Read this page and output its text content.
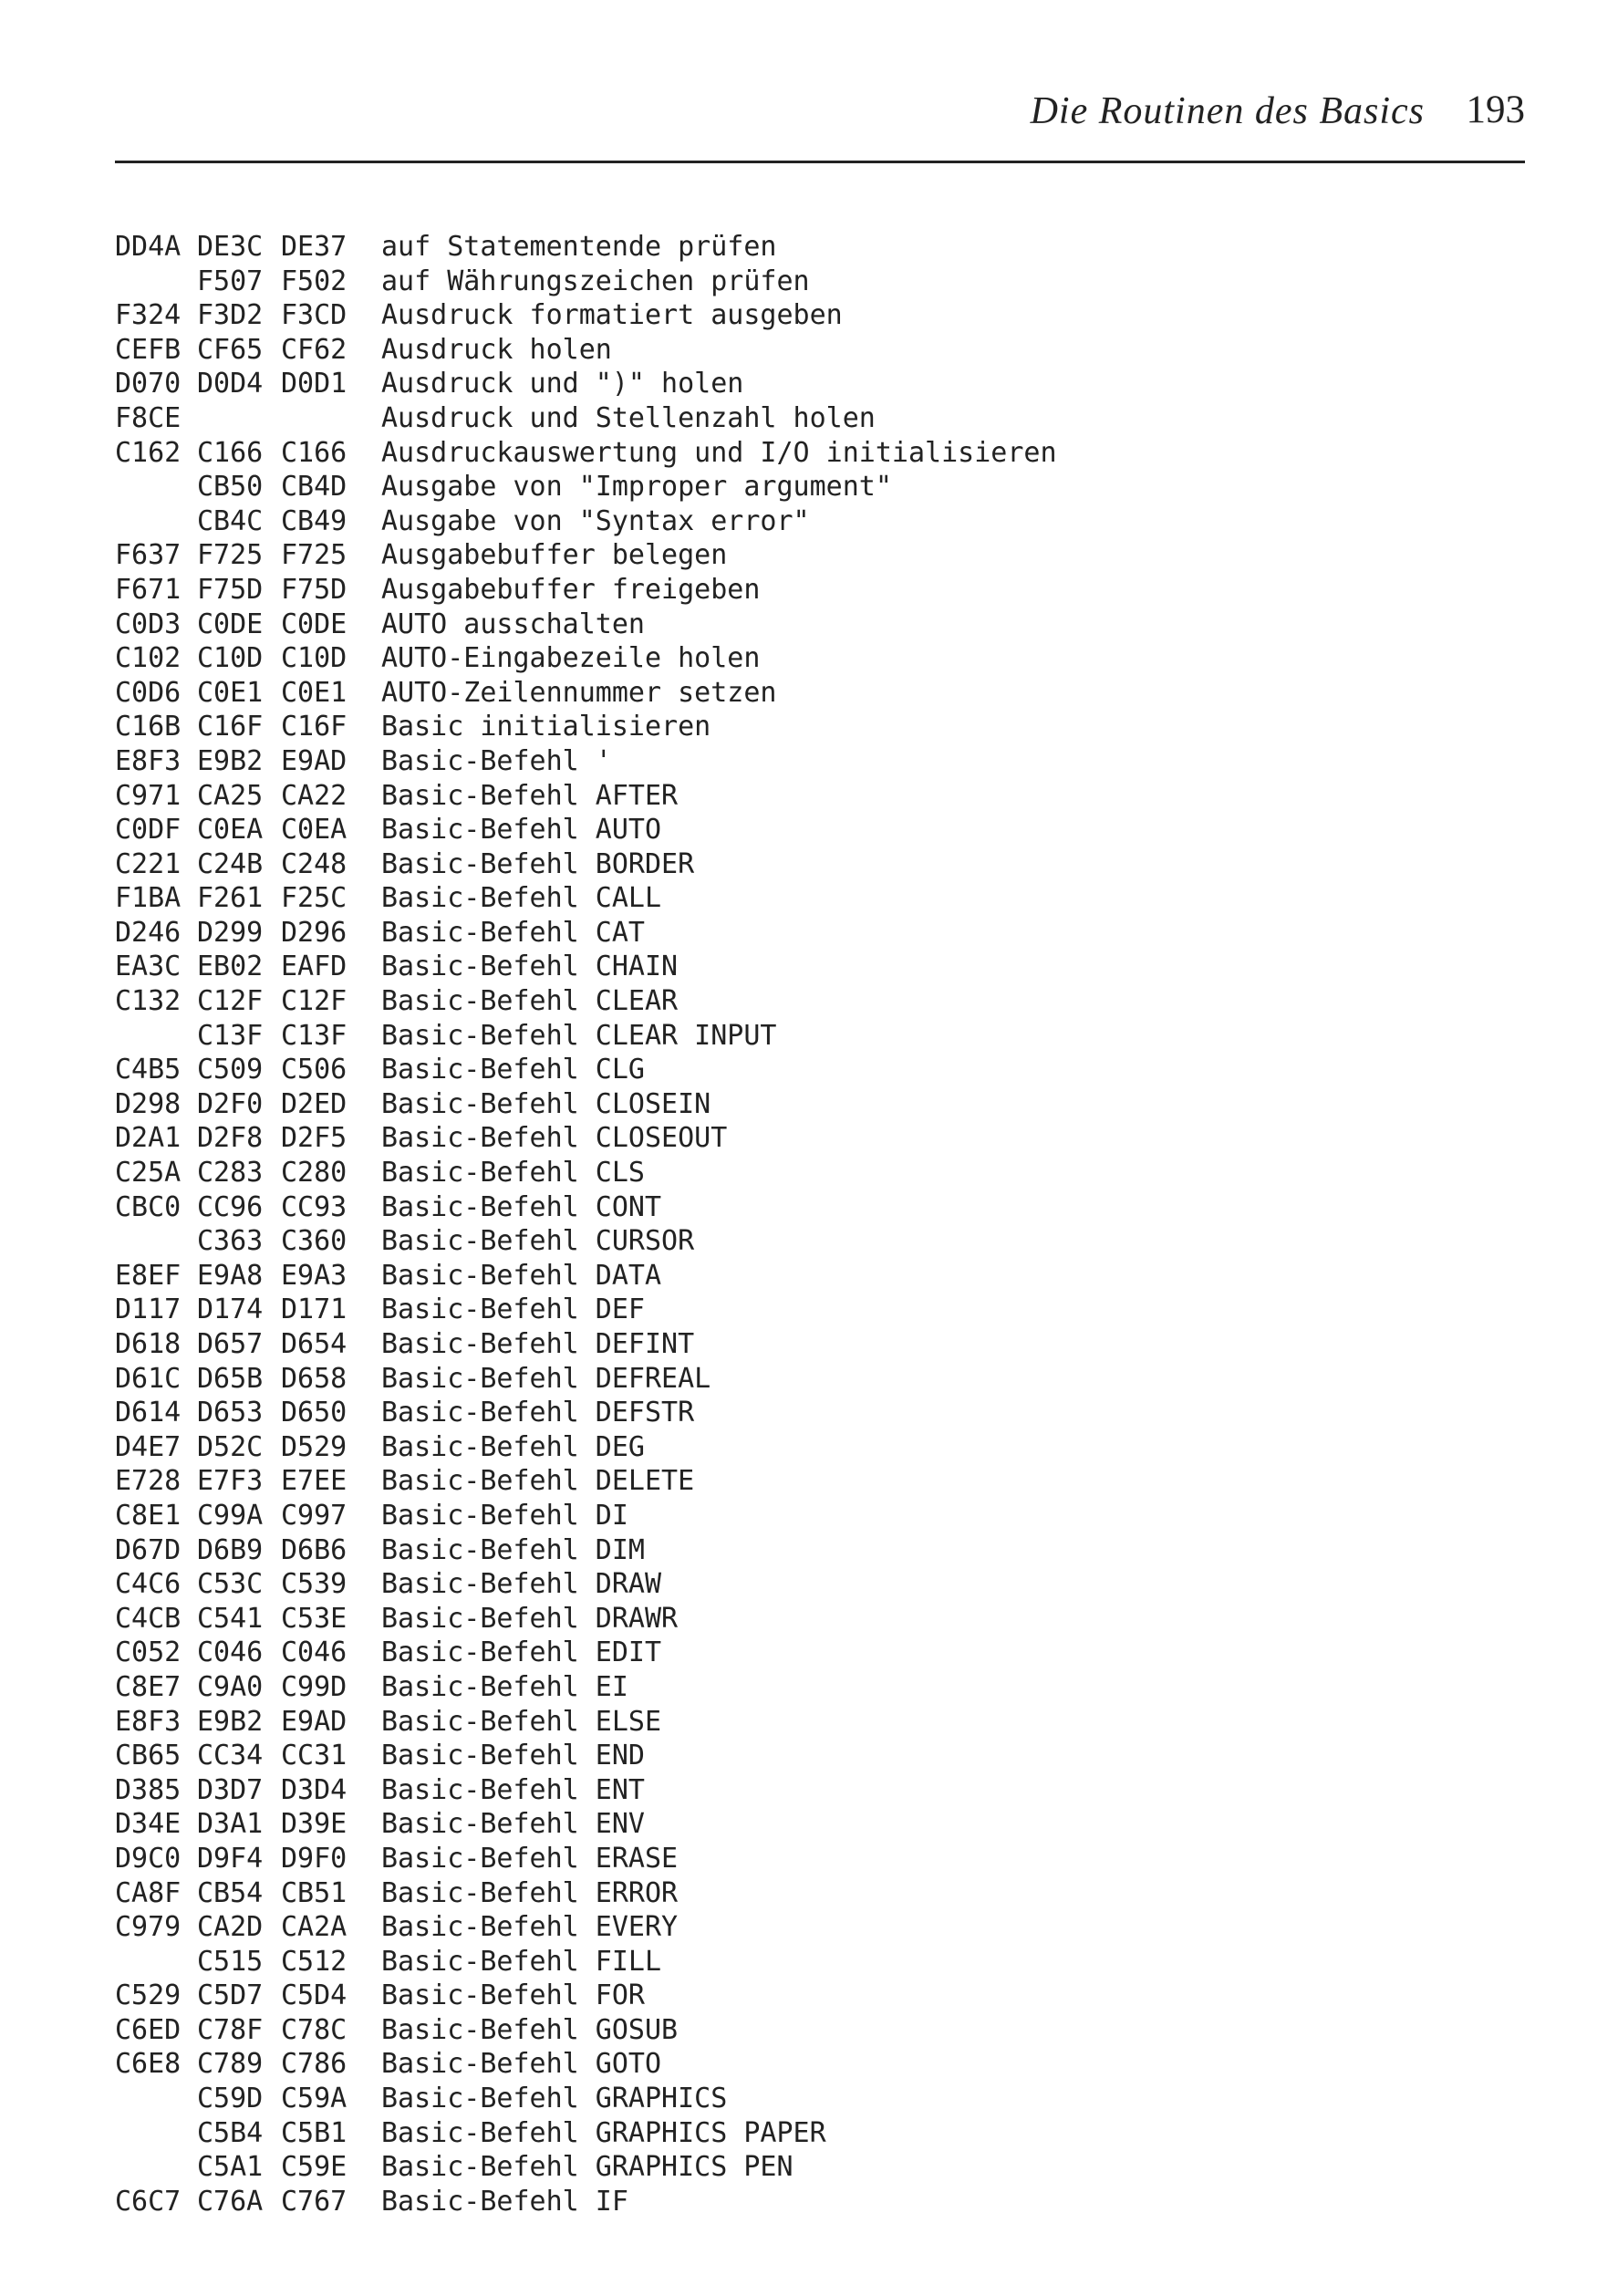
Die Routinen des Basics 193
DD4A DE3C DE37 auf Statementende prüfen
F507 F502 auf Währungszeichen prüfen
F324 F3D2 F3CD Ausdruck formatiert ausgeben
CEFB CF65 CF62 Ausdruck holen
D070 D0D4 D0D1 Ausdruck und ")" holen
F8CE	Ausdruck und Stellenzahl holen
C162 C166 C166 Ausdruckauswertung und I/O initialisieren
CB50 CB4D Ausgabe von "Improper argument"
CB4C CB49 Ausgabe von "Syntax error"
F637 F725 F725 Ausgabebuffer belegen
F671 F75D F75D Ausgabebuffer freigeben
C0D3 C0DE C0DE AUTO ausschalten
C102 C10D C10D AUTO-Eingabezeile holen
C0D6 C0E1 C0E1 AUTO-Zeilennummer setzen
C16B C16F C16F Basic initialisieren
E8F3 E9B2 E9AD Basic-Befehl '
C971 CA25 CA22 Basic-Befehl AFTER
C0DF C0EA C0EA Basic-Befehl AUTO
C221 C24B C248 Basic-Befehl BORDER
F1BA F261 F25C Basic-Befehl CALL
D246 D299 D296 Basic-Befehl CAT
EA3C EB02 EAFD Basic-Befehl CHAIN
C132 C12F C12F Basic-Befehl CLEAR
C13F C13F Basic-Befehl CLEAR INPUT
C4B5 C509 C506 Basic-Befehl CLG
D298 D2F0 D2ED Basic-Befehl CLOSEIN
D2A1 D2F8 D2F5 Basic-Befehl CLOSEOUT
C25A C283 C280 Basic-Befehl CLS
CBC0 CC96 CC93 Basic-Befehl CONT
C363 C360 Basic-Befehl CURSOR
E8EF E9A8 E9A3 Basic-Befehl DATA
D117 D174 D171 Basic-Befehl DEF
D618 D657 D654 Basic-Befehl DEFINT
D61C D65B D658 Basic-Befehl DEFREAL
D614 D653 D650 Basic-Befehl DEFSTR
D4E7 D52C D529 Basic-Befehl DEG
E728 E7F3 E7EE Basic-Befehl DELETE
C8E1 C99A C997 Basic-Befehl DI
D67D D6B9 D6B6 Basic-Befehl DIM
C4C6 C53C C539 Basic-Befehl DRAW
C4CB C541 C53E Basic-Befehl DRAWR
C052 C046 C046 Basic-Befehl EDIT
C8E7 C9A0 C99D Basic-Befehl EI
E8F3 E9B2 E9AD Basic-Befehl ELSE
CB65 CC34 CC31 Basic-Befehl END
D385 D3D7 D3D4 Basic-Befehl ENT
D34E D3A1 D39E Basic-Befehl ENV
D9C0 D9F4 D9F0 Basic-Befehl ERASE
CA8F CB54 CB51 Basic-Befehl ERROR
C979 CA2D CA2A Basic-Befehl EVERY
C515 C512 Basic-Befehl FILL
C529 C5D7 C5D4 Basic-Befehl FOR
C6ED C78F C78C Basic-Befehl GOSUB
C6E8 C789 C786 Basic-Befehl GOTO
C59D C59A Basic-Befehl GRAPHICS
C5B4 C5B1 Basic-Befehl GRAPHICS PAPER
C5A1 C59E Basic-Befehl GRAPHICS PEN
C6C7 C76A C767 Basic-Befehl IF
